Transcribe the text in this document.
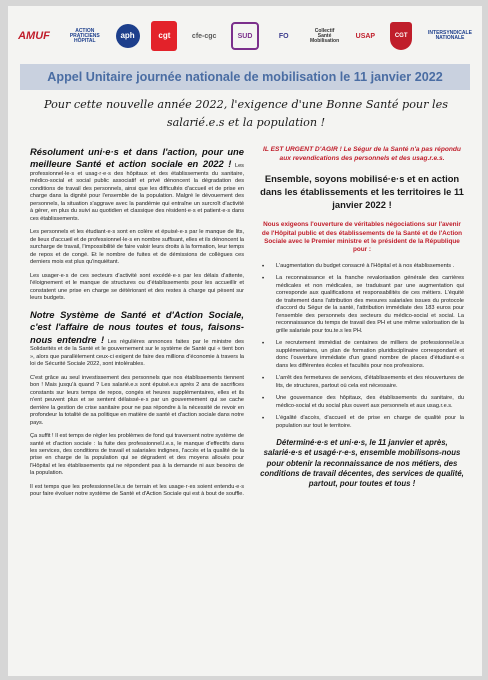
AMUF	ACTION PRATICIENS HÔPITAL
aph	cgt	cfe-cgc	SUD	FO
Collectif Santé Mobilisation
USAP	CGT	INTERSYNDICALE NATIONALE
Appel Unitaire journée nationale de mobilisation le 11 janvier 2022
Pour cette nouvelle année 2022, l'exigence d'une Bonne Santé pour les salarié.e.s et la population !

Résolument uni·e·s et dans l'action, pour une meilleure Santé et action sociale en 2022 ! Les professionnel·le·s et usag·r·e·s des hôpitaux et des établissements du sanitaire, médico-social et social public associatif et privé dénoncent la dégradation des conditions de travail des personnels, ainsi que les difficultés d'accueil et de prise en charge dans la dignité pour l'ensemble de la population. Malgré le dévouement des personnels, la situation s'aggrave avec la pandémie qui entraîne un surcroît d'activité à gérer, en plus du suivi au quotidien et classique des résident·e·s et patient·e·s dans ces établissements.

Les personnels et les étudiant·e·s sont en colère et épuisé·e·s par le manque de lits, de lieux d'accueil et de professionnel·le·s en nombre suffisant, elles et ils dénoncent la surcharge de travail, l'impossibilité de faire valoir leurs droits à la formation, leur temps de repos et de congé. Et le nombre de fuites et de démissions de collègues ces derniers mois est plus qu'inquiétant.

Les usager·e·s de ces secteurs d'activité sont excédé·e·s par les délais d'attente, l'éloignement et le manque de structures ou d'établissements pour les accueillir et constatent une prise en charge se détériorant et des restes à charge qui pèsent sur leurs budgets.

Notre Système de Santé et d'Action Sociale, c'est l'affaire de nous toutes et tous, faisons-nous entendre ! Les régulières annonces faites par le ministre des Solidarités et de la Santé et le gouvernement sur le système de Santé qui « tient bon », alors que parallèlement ceux-ci exigent de faire des millions d'économie à travers la loi de Sécurité Sociale 2022, sont intolérables.

C'est grâce au seul investissement des personnels que nos établissements tiennent bon ! Mais jusqu'à quand ? Les salarié.e.s sont épuisé.e.s après 2 ans de sacrifices constants sur leurs temps de repos, congés et heures supplémentaires, elles et ils n'ent peuvent plus et se sentent délaissé·e·s par un gouvernement qui se cache derrière la gestion de crise sanitaire pour ne pas répondre à la nécessité de revoir en profondeur la totalité de sa politique en matière de santé et d'action sociale dans notre pays.

Ça suffit ! Il est temps de régler les problèmes de fond qui traversent notre système de santé et d'action sociale : la fuite des professionnel.l.e.s, le manque d'effectifs dans les services, des conditions de travail et salariales indignes, l'accès et la qualité de la prise en charge de la population qui se dégradent et des moyens alloués pour l'Hôpital et les établissements qui ne répondent pas à la demande ni aux besoins de la population.

Il est temps que les professionnel.le.s de terrain et les usage·r·es soient entendu·e·s pour faire évoluer notre système de Santé et d'Action Sociale qui est à bout de souffle.

IL EST URGENT D'AGIR ! Le Ségur de la Santé n'a pas répondu aux revendications des personnels et des usag.r.e.s.

Ensemble, soyons mobilisé·e·s et en action dans les établissements et les territoires le 11 janvier 2022 !

Nous exigeons l'ouverture de véritables négociations sur l'avenir de l'Hôpital public et des établissements de la Santé et de l'Action Sociale avec le Premier ministre et le président de la République pour :

• L'augmentation du budget consacré à l'Hôpital et à nos établissements .
• La reconnaissance et la franche revalorisation générale des carrières médicales et non médicales, se traduisant par une augmentation qui corresponde aux qualifications et responsabilités de ces métiers. L'équité de traitement dans l'attribution des mesures salariales issues du protocole d'accord du Ségur de la santé, l'attribution immédiate des 183 euros pour l'ensemble des personnels des secteurs du médico-social et social. La reconnaissance du temps de travail des PH et une même valorisation de la grille salariale pour tou.te.s les PH.
• Le recrutement immédiat de centaines de milliers de professionnel.le.s supplémentaires, un plan de formation pluridisciplinaire correspondant et donc l'ouverture immédiate d'un grand nombre de places d'étudiant·e·s dans les différentes écoles et facultés pour nos professions.
• L'arrêt des fermetures de services, d'établissements et des réouvertures de lits, de structures, partout où cela est nécessaire.
• Une gouvernance des hôpitaux, des établissements du sanitaire, du médico-social et du social plus ouvert aux personnels et aux usag.r.e.s.
• L'égalité d'accès, d'accueil et de prise en charge de qualité pour la population sur tout le territoire.

Déterminé·e·s et uni·e·s, le 11 janvier et après, salarié·e·s et usagé·r·e·s, ensemble mobilisons-nous pour obtenir la reconnaissance de nos métiers, des conditions de travail décentes, des services de qualité, partout, pour toutes et tous !
